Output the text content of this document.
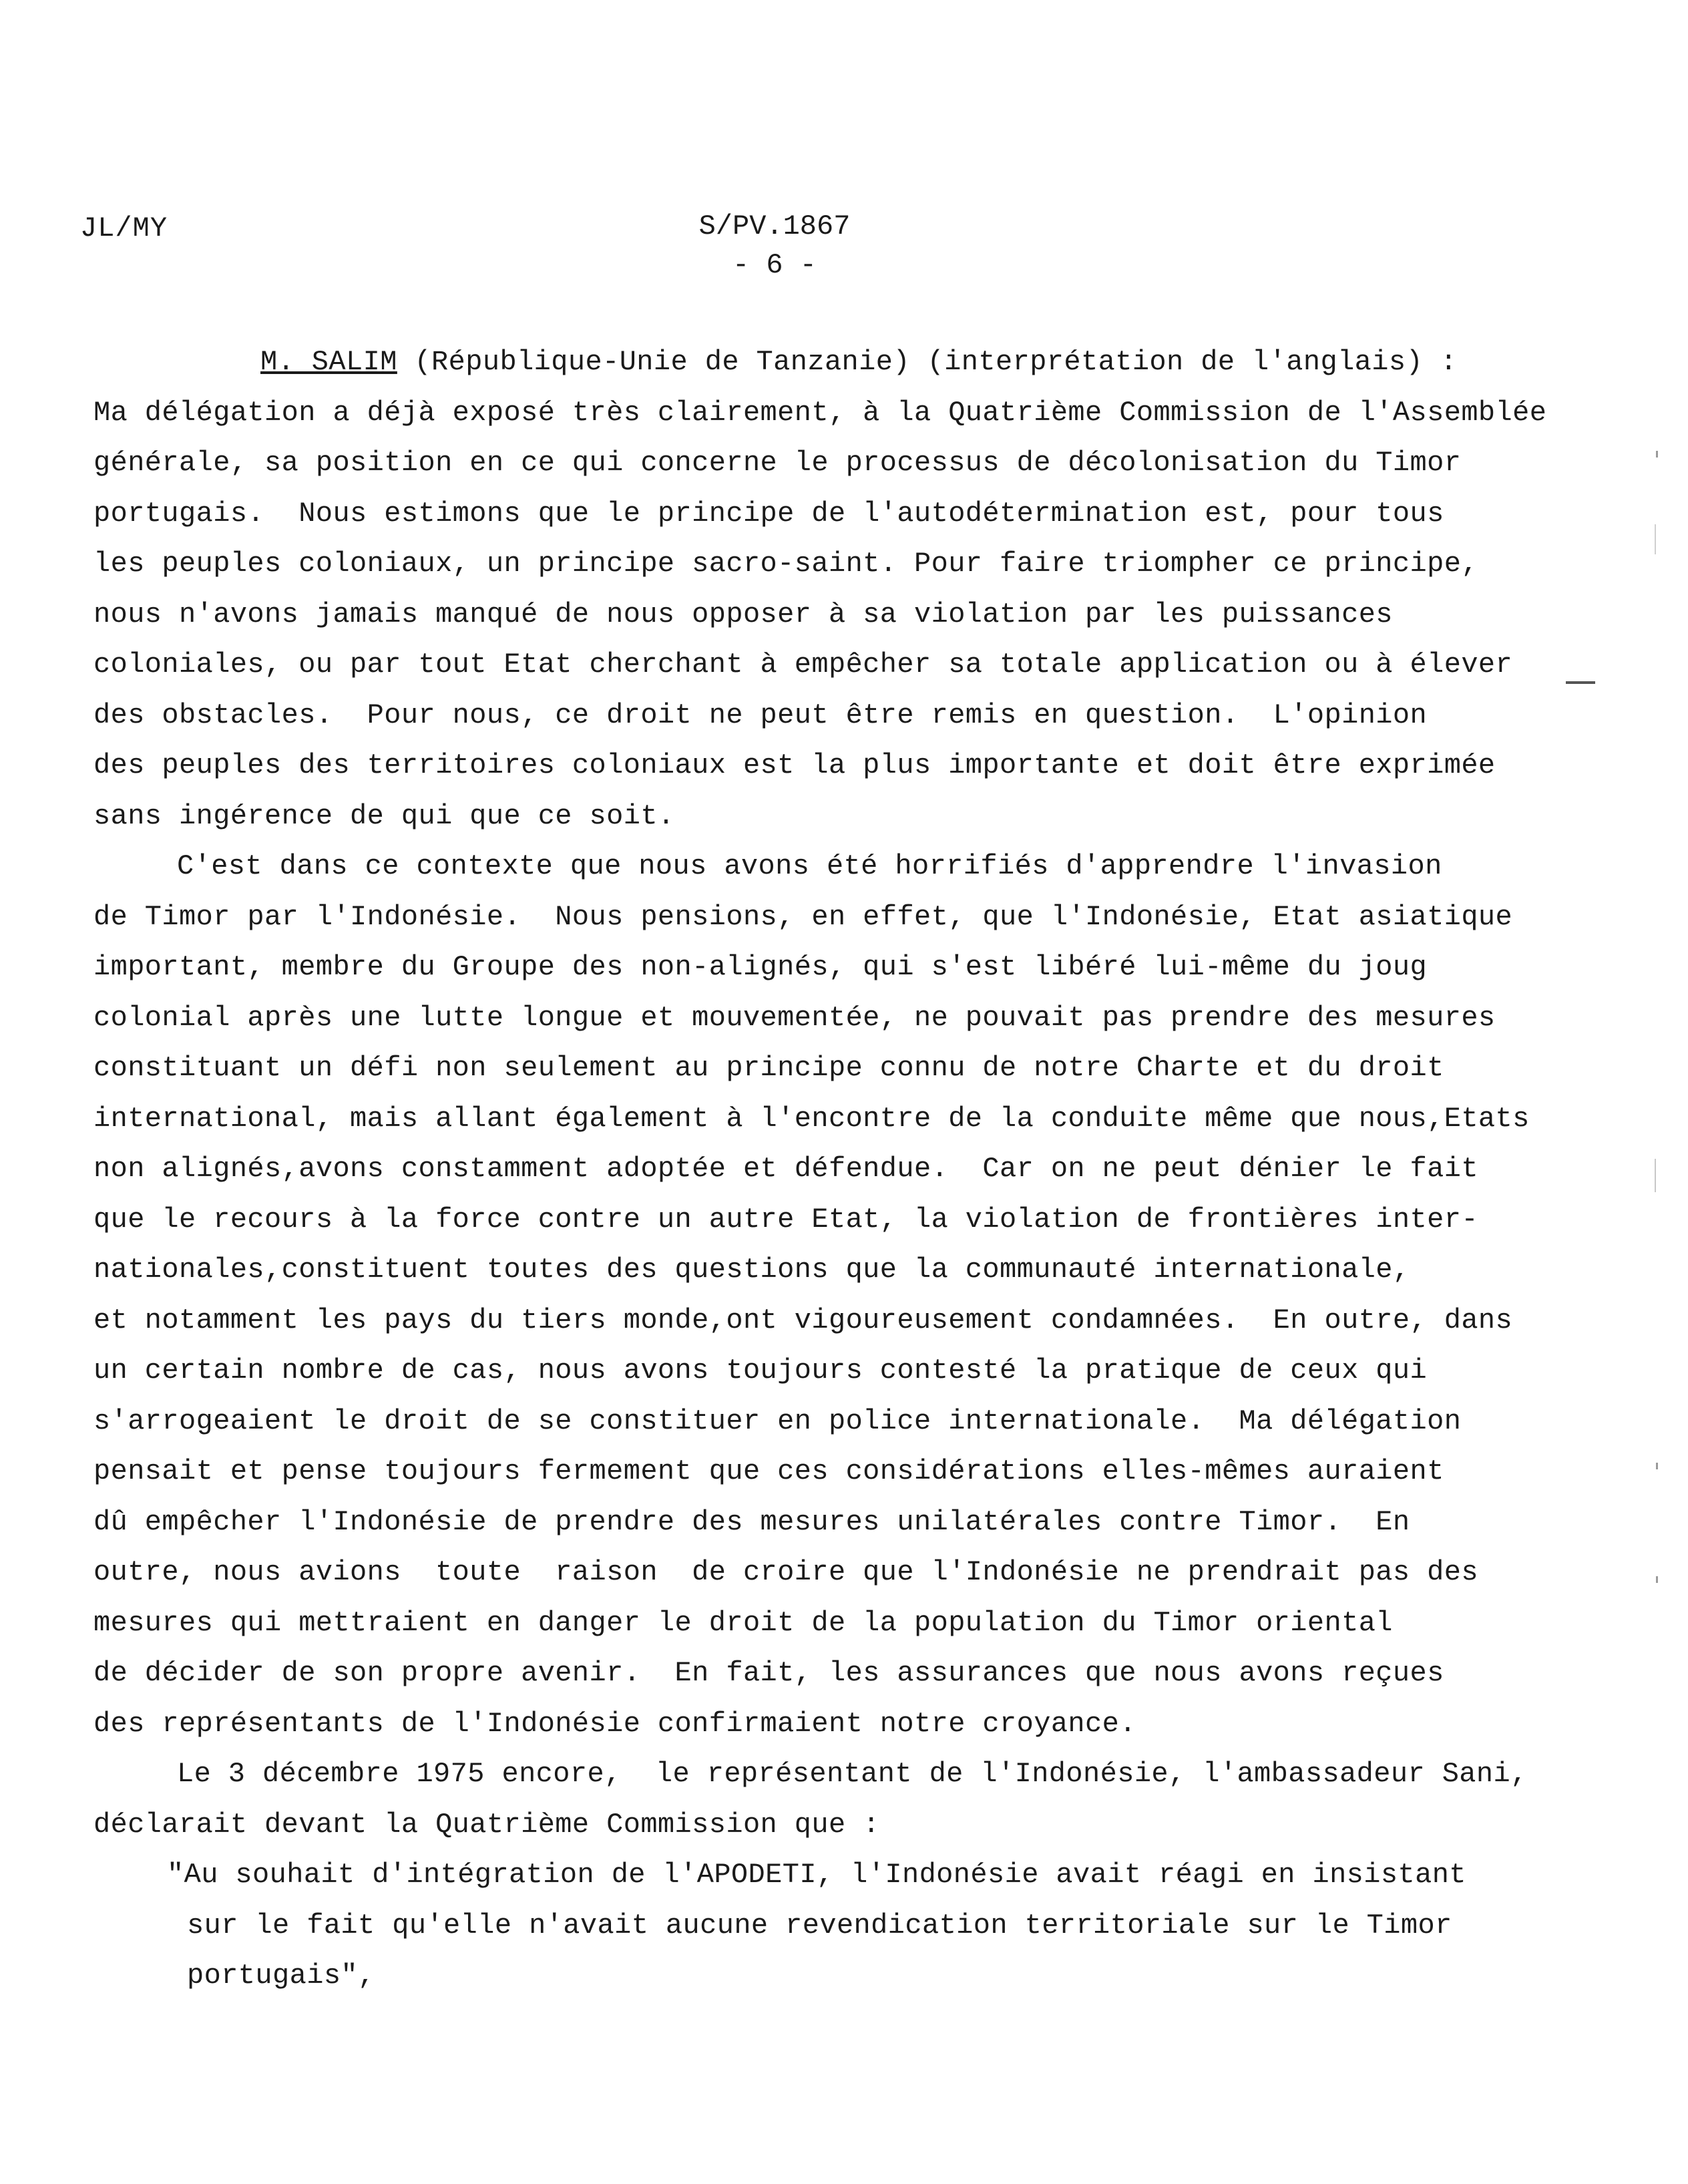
JL/MY	S/PV.1867
- 6 -
M. SALIM (République-Unie de Tanzanie) (interprétation de l'anglais) :
Ma délégation a déjà exposé très clairement, à la Quatrième Commission de l'Assemblée
générale, sa position en ce qui concerne le processus de décolonisation du Timor
portugais.  Nous estimons que le principe de l'autodétermination est, pour tous
les peuples coloniaux, un principe sacro-saint. Pour faire triompher ce principe,
nous n'avons jamais manqué de nous opposer à sa violation par les puissances
coloniales, ou par tout Etat cherchant à empêcher sa totale application ou à élever
des obstacles.  Pour nous, ce droit ne peut être remis en question.  L'opinion
des peuples des territoires coloniaux est la plus importante et doit être exprimée
sans ingérence de qui que ce soit.
C'est dans ce contexte que nous avons été horrifiés d'apprendre l'invasion
de Timor par l'Indonésie.  Nous pensions, en effet, que l'Indonésie, Etat asiatique
important, membre du Groupe des non-alignés, qui s'est libéré lui-même du joug
colonial après une lutte longue et mouvementée, ne pouvait pas prendre des mesures
constituant un défi non seulement au principe connu de notre Charte et du droit
international, mais allant également à l'encontre de la conduite même que nous,Etats
non alignés,avons constamment adoptée et défendue.  Car on ne peut dénier le fait
que le recours à la force contre un autre Etat, la violation de frontières inter-
nationales,constituent toutes des questions que la communauté internationale,
et notamment les pays du tiers monde,ont vigoureusement condamnées.  En outre, dans
un certain nombre de cas, nous avons toujours contesté la pratique de ceux qui
s'arrogeaient le droit de se constituer en police internationale.  Ma délégation
pensait et pense toujours fermement que ces considérations elles-mêmes auraient
dû empêcher l'Indonésie de prendre des mesures unilatérales contre Timor.  En
outre, nous avions  toute  raison  de croire que l'Indonésie ne prendrait pas des
mesures qui mettraient en danger le droit de la population du Timor oriental
de décider de son propre avenir.  En fait, les assurances que nous avons reçues
des représentants de l'Indonésie confirmaient notre croyance.
Le 3 décembre 1975 encore,  le représentant de l'Indonésie, l'ambassadeur Sani,
déclarait devant la Quatrième Commission que :
"Au souhait d'intégration de l'APODETI, l'Indonésie avait réagi en insistant
sur le fait qu'elle n'avait aucune revendication territoriale sur le Timor
portugais",
